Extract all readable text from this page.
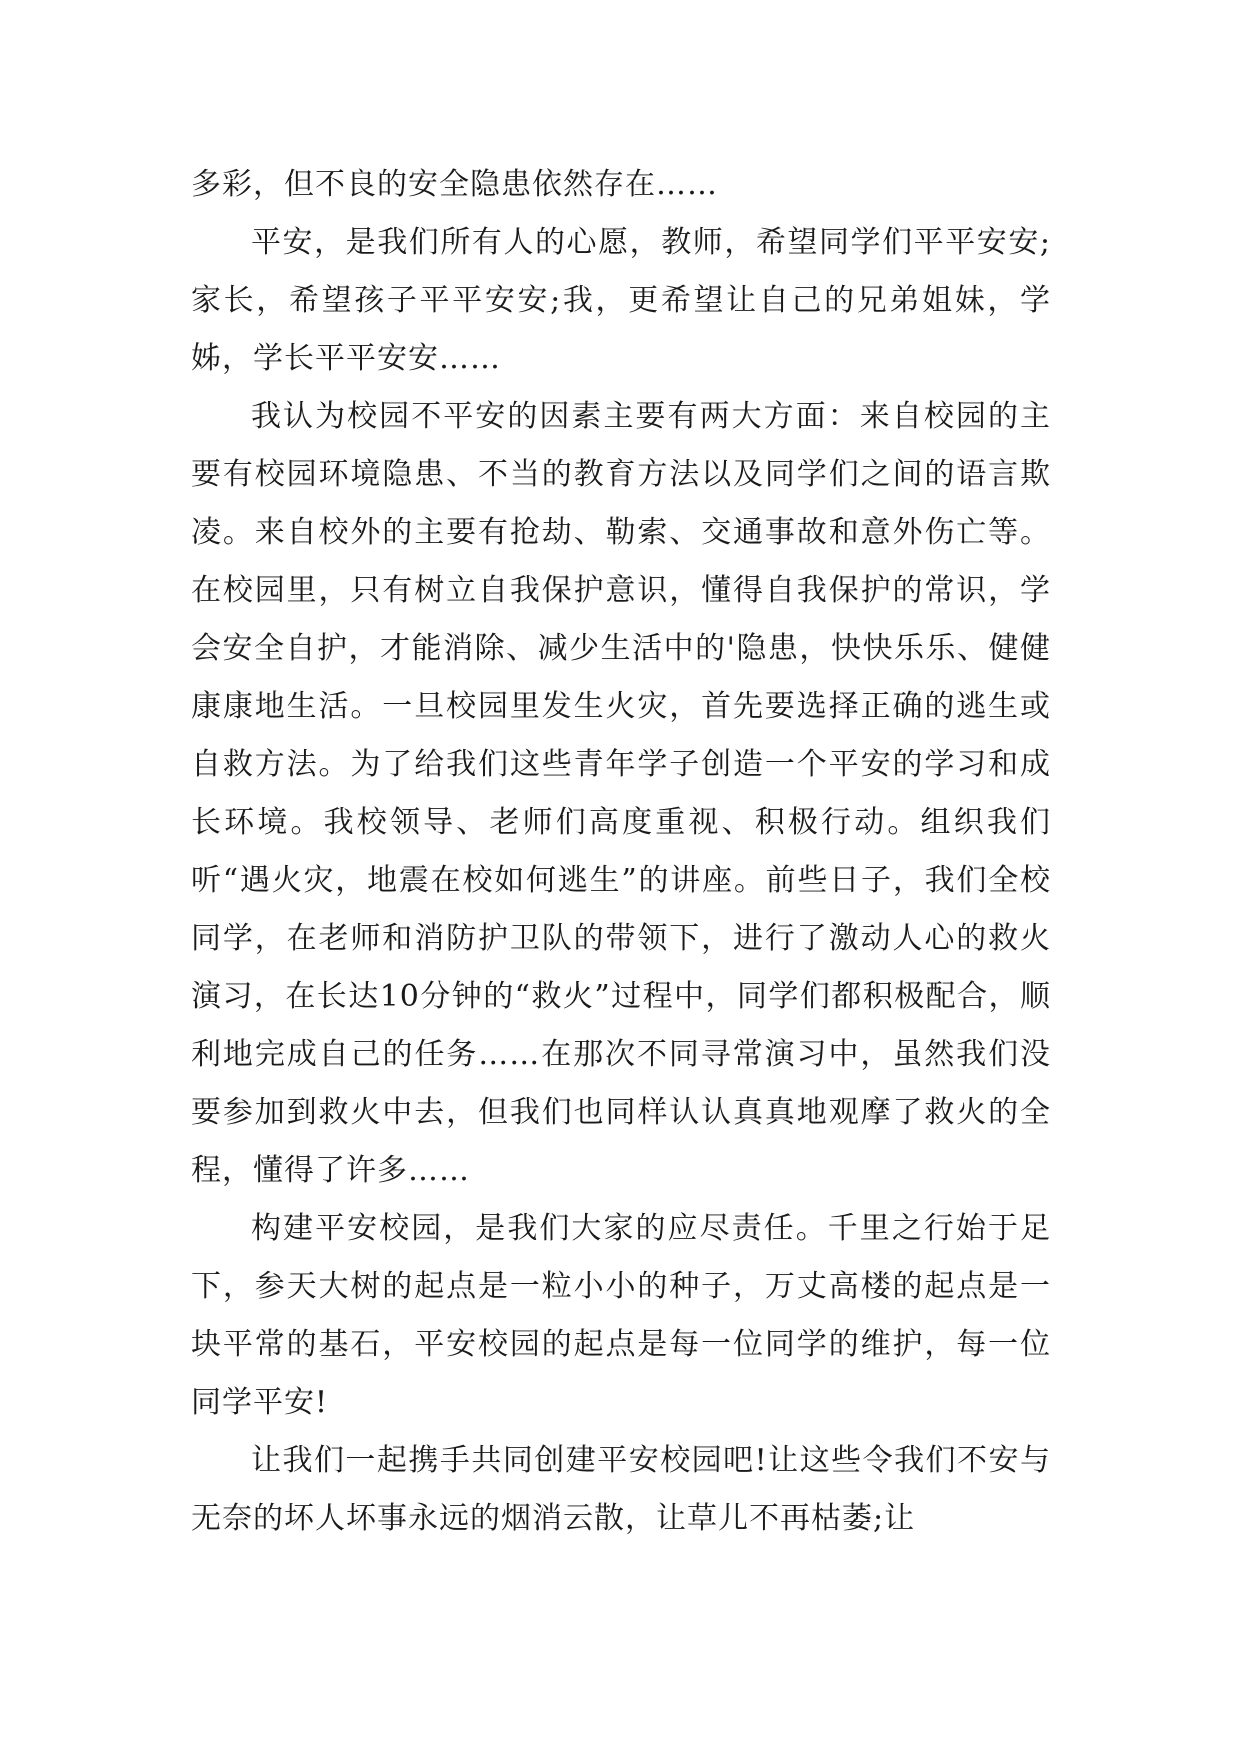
多彩，但不良的安全隐患依然存在……

平安，是我们所有人的心愿，教师，希望同学们平平安安;家长，希望孩子平平安安;我，更希望让自己的兄弟姐妹，学姊，学长平平安安……

我认为校园不平安的因素主要有两大方面：来自校园的主要有校园环境隐患、不当的教育方法以及同学们之间的语言欺凌。来自校外的主要有抢劫、勒索、交通事故和意外伤亡等。在校园里，只有树立自我保护意识，懂得自我保护的常识，学会安全自护，才能消除、减少生活中的'隐患，快快乐乐、健健康康地生活。一旦校园里发生火灾，首先要选择正确的逃生或自救方法。为了给我们这些青年学子创造一个平安的学习和成长环境。我校领导、老师们高度重视、积极行动。组织我们听“遇火灾，地震在校如何逃生”的讲座。前些日子，我们全校同学，在老师和消防护卫队的带领下，进行了激动人心的救火演习，在长达10分钟的“救火”过程中，同学们都积极配合，顺利地完成自己的任务……在那次不同寻常演习中，虽然我们没要参加到救火中去，但我们也同样认认真真地观摩了救火的全程，懂得了许多……

构建平安校园，是我们大家的应尽责任。千里之行始于足下，参天大树的起点是一粒小小的种子，万丈高楼的起点是一块平常的基石，平安校园的起点是每一位同学的维护，每一位同学平安!

让我们一起携手共同创建平安校园吧!让这些令我们不安与无奈的坏人坏事永远的烟消云散，让草儿不再枯萎;让
